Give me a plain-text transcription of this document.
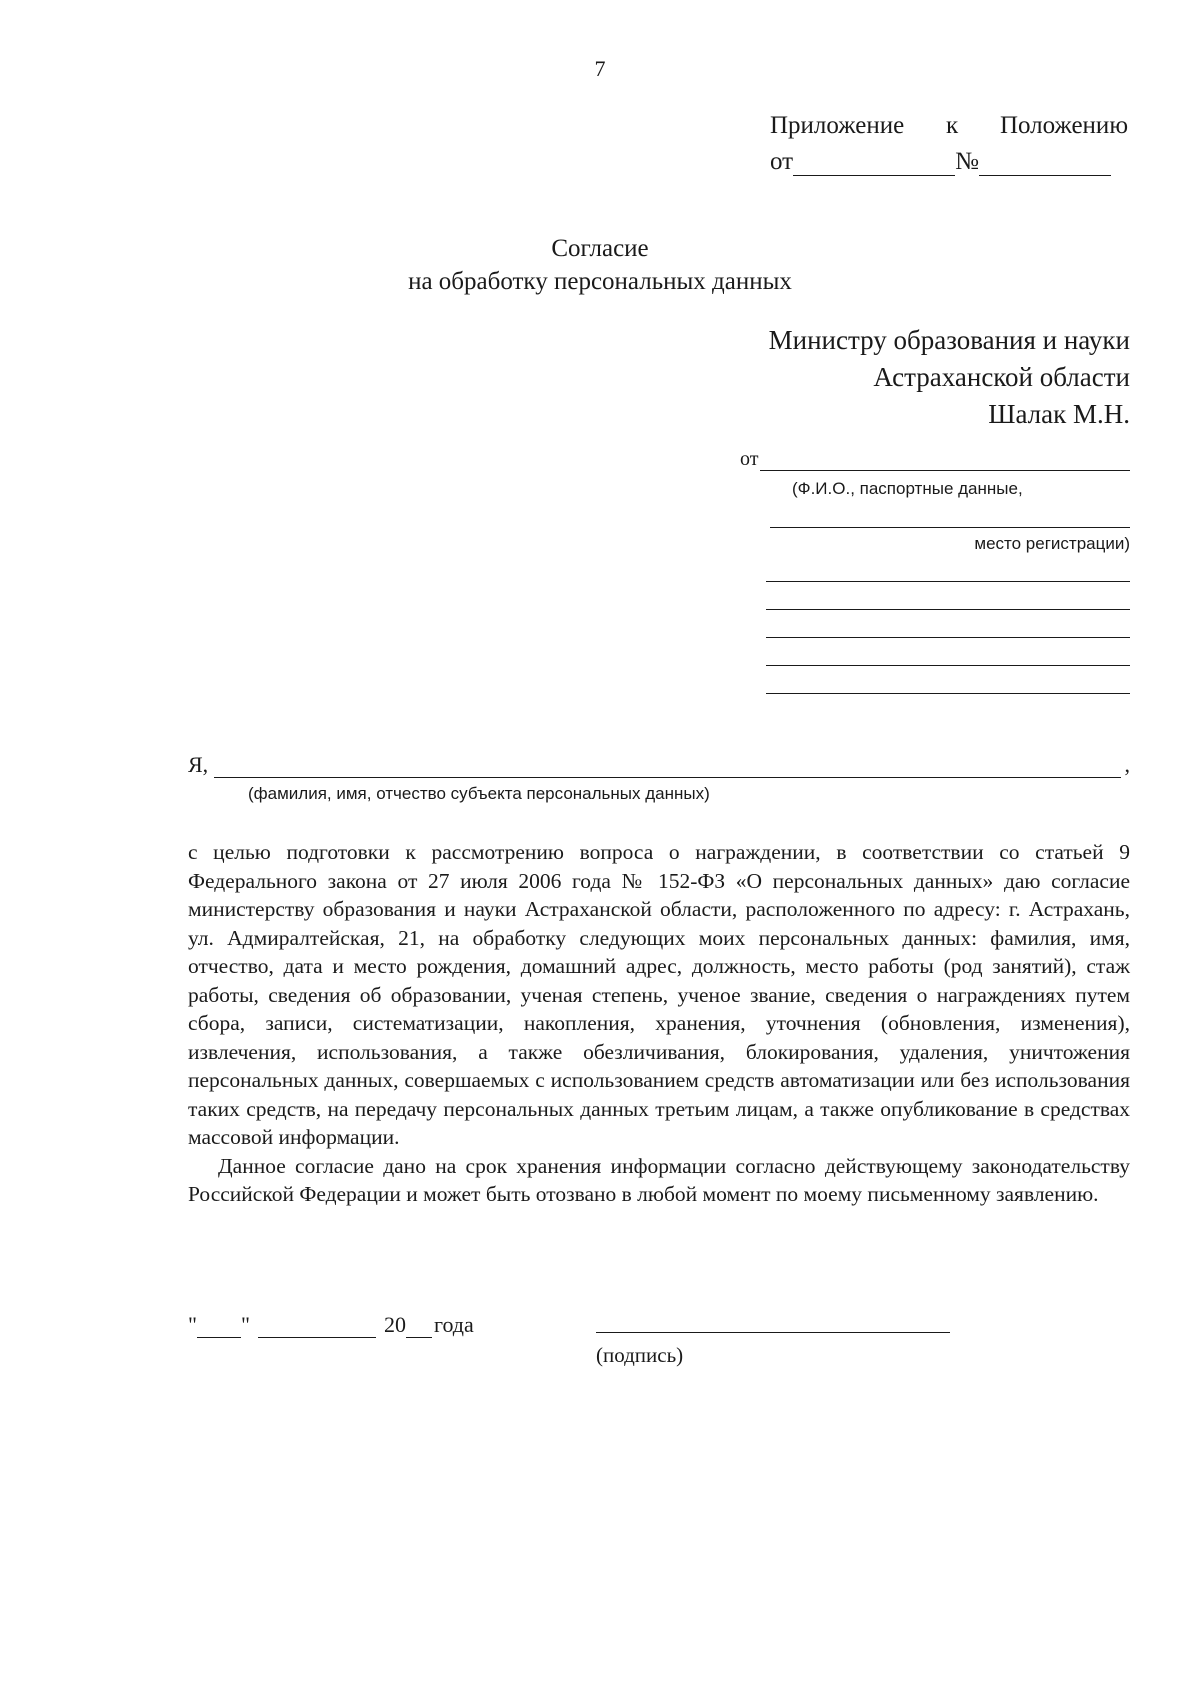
7
Приложение к Положению
от	№
Согласие
на обработку персональных данных
Министру образования и науки
Астраханской области
Шалак М.Н.
от
(Ф.И.О., паспортные данные,
место регистрации)
Я,	,
(фамилия, имя, отчество субъекта персональных данных)

с целью подготовки к рассмотрению вопроса о награждении, в соответствии со статьей 9 Федерального закона от 27 июля 2006 года № 152-ФЗ «О персональных данных» даю согласие министерству образования и науки Астраханской области, расположенного по адресу: г. Астрахань, ул. Адмиралтейская, 21, на обработку следующих моих персональных данных: фамилия, имя, отчество, дата и место рождения, домашний адрес, должность, место работы (род занятий), стаж работы, сведения об образовании, ученая степень, ученое звание, сведения о награждениях путем сбора, записи, систематизации, накопления, хранения, уточнения (обновления, изменения), извлечения, использования, а также обезличивания, блокирования, удаления, уничтожения персональных данных, совершаемых с использованием средств автоматизации или без использования таких средств, на передачу персональных данных третьим лицам, а также опубликование в средствах массовой информации.

Данное согласие дано на срок хранения информации согласно действующему законодательству Российской Федерации и может быть отозвано в любой момент по моему письменному заявлению.

" "	20 года
(подпись)
